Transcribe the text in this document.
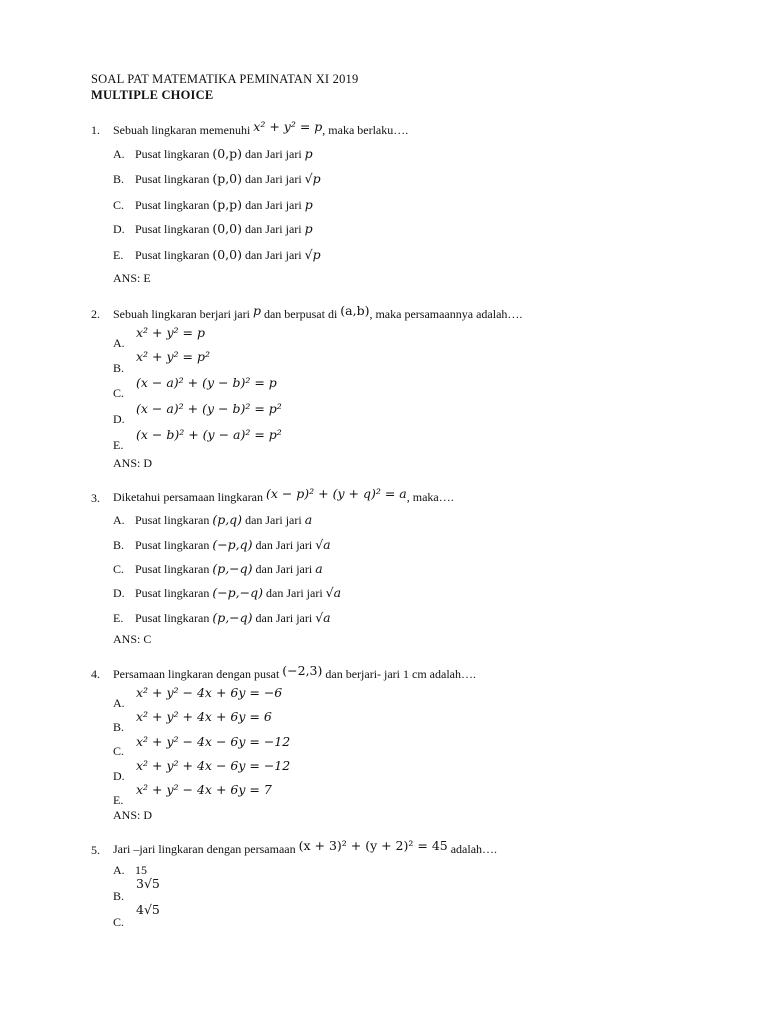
SOAL PAT MATEMATIKA PEMINATAN XI 2019
MULTIPLE CHOICE
1. Sebuah lingkaran memenuhi x² + y² = p, maka berlaku….
A. Pusat lingkaran (0,p) dan Jari jari p
B. Pusat lingkaran (p,0) dan Jari jari √p
C. Pusat lingkaran (p,p) dan Jari jari p
D. Pusat lingkaran (0,0) dan Jari jari p
E. Pusat lingkaran (0,0) dan Jari jari √p
ANS: E
2. Sebuah lingkaran berjari jari p dan berpusat di (a,b), maka persamaannya adalah….
A.
x² + y² = p
B.
x² + y² = p²
C.
(x − a)² + (y − b)² = p
D.
(x − a)² + (y − b)² = p²
E.
(x − b)² + (y − a)² = p²
ANS: D
3. Diketahui persamaan lingkaran (x − p)² + (y + q)² = a, maka….
A. Pusat lingkaran (p,q) dan Jari jari a
B. Pusat lingkaran (−p,q) dan Jari jari √a
C. Pusat lingkaran (p,−q) dan Jari jari a
D. Pusat lingkaran (−p,−q) dan Jari jari √a
E. Pusat lingkaran (p,−q) dan Jari jari √a
ANS: C
4. Persamaan lingkaran dengan pusat (−2,3) dan berjari- jari 1 cm adalah….
A.
x² + y² − 4x + 6y = −6
B.
x² + y² + 4x + 6y = 6
C.
x² + y² − 4x − 6y = −12
D.
x² + y² + 4x − 6y = −12
E.
x² + y² − 4x + 6y = 7
ANS: D
5. Jari –jari lingkaran dengan persamaan (x + 3)² + (y + 2)² = 45 adalah….
A. 15
B.
3√5
C.
4√5
